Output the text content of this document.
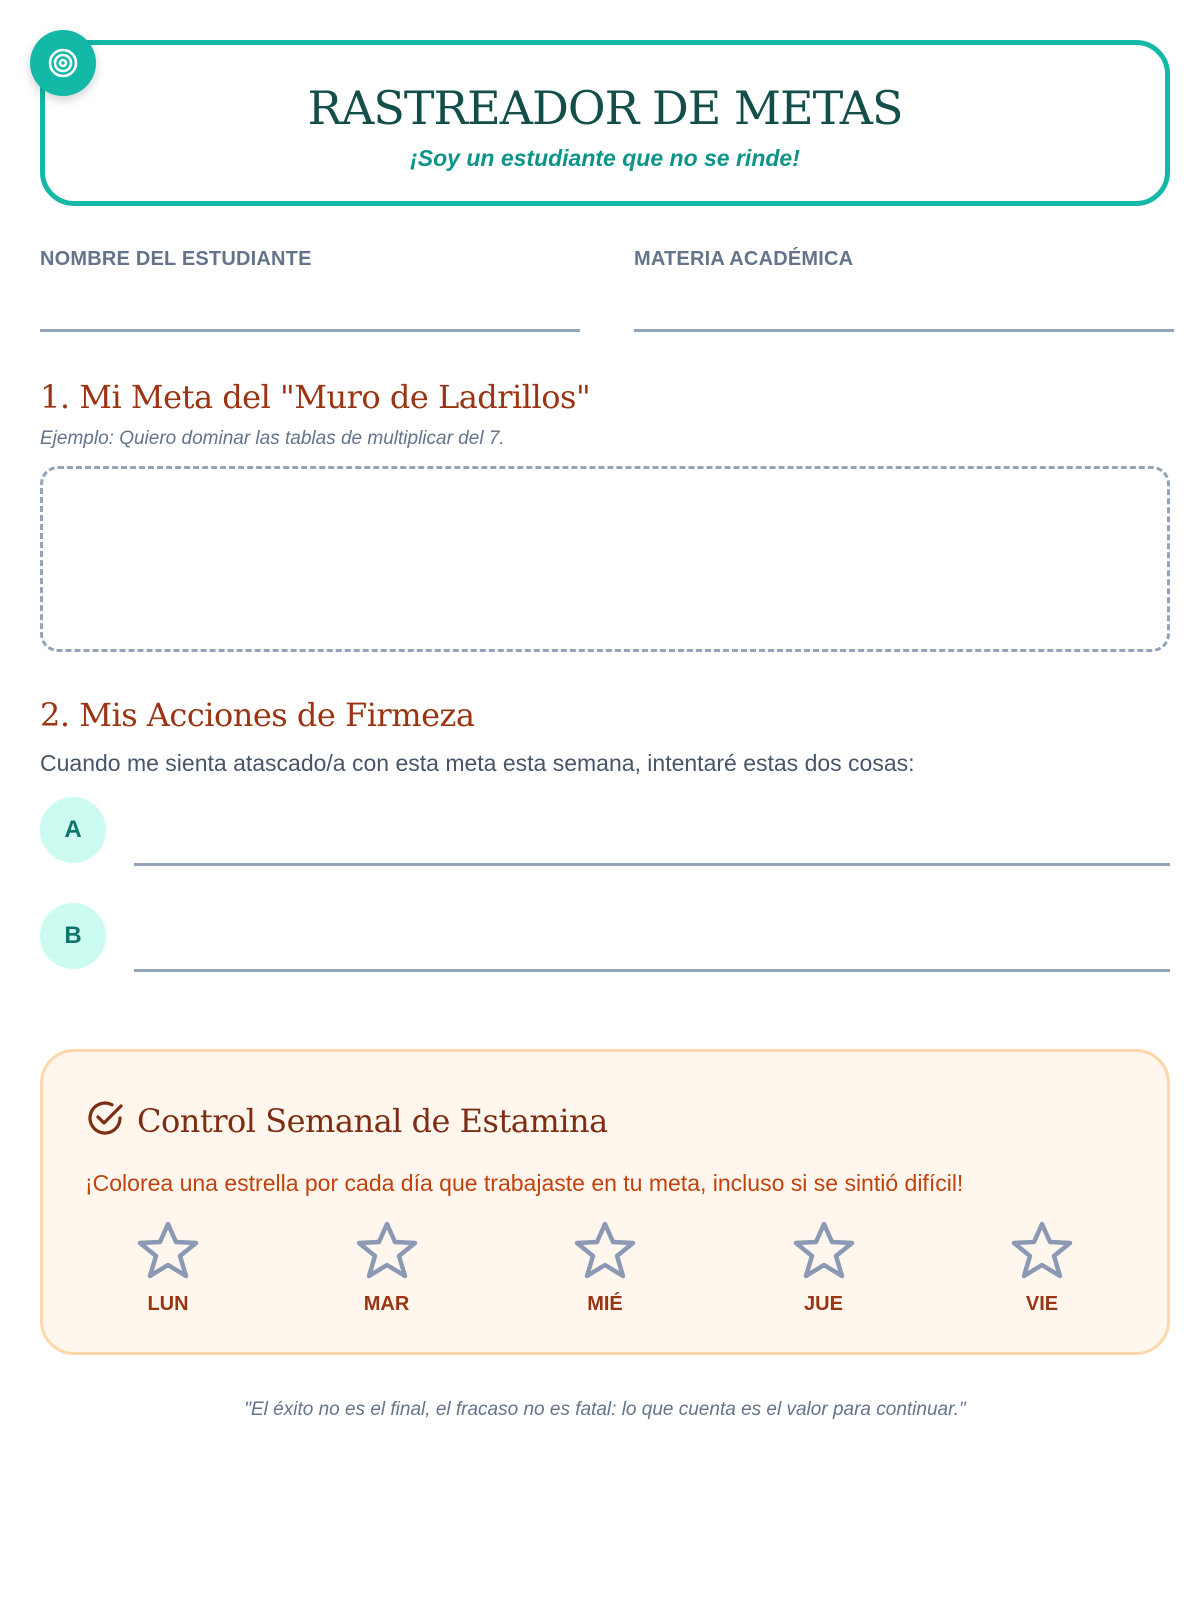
RASTREADOR DE METAS
¡Soy un estudiante que no se rinde!
NOMBRE DEL ESTUDIANTE	MATERIA ACADÉMICA
1. Mi Meta del "Muro de Ladrillos"
Ejemplo: Quiero dominar las tablas de multiplicar del 7.
2. Mis Acciones de Firmeza
Cuando me sienta atascado/a con esta meta esta semana, intentaré estas dos cosas:
A
B
Control Semanal de Estamina
¡Colorea una estrella por cada día que trabajaste en tu meta, incluso si se sintió difícil!
LUN	MAR	MIÉ	JUE	VIE
"El éxito no es el final, el fracaso no es fatal: lo que cuenta es el valor para continuar."
